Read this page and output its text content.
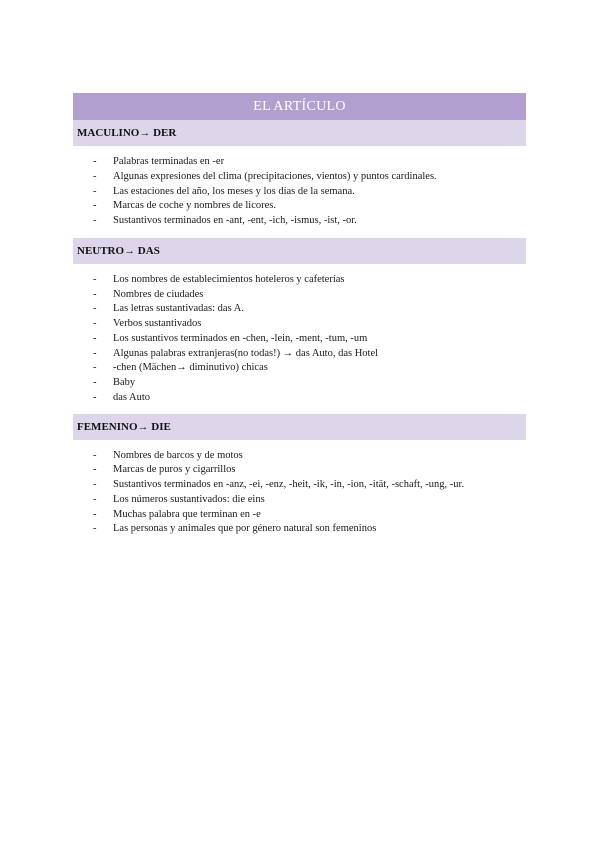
EL ARTÍCULO
MACULINO→ DER
- Palabras terminadas en -er
- Algunas expresiones del clima (precipitaciones, vientos) y puntos cardinales.
- Las estaciones del año, los meses y los días de la semana.
- Marcas de coche y nombres de licores.
- Sustantivos terminados en -ant, -ent, -ich, -ismus, -ist, -or.
NEUTRO→ DAS
- Los nombres de establecimientos hoteleros y cafeterías
- Nombres de ciudades
- Las letras sustantivadas: das A.
- Verbos sustantivados
- Los sustantivos terminados en -chen, -lein, -ment, -tum, -um
- Algunas palabras extranjeras(no todas!) → das Auto, das Hotel
- -chen (Mächen→ diminutivo) chicas
- Baby
- das Auto
FEMENINO→ DIE
- Nombres de barcos y de motos
- Marcas de puros y cigarrillos
- Sustantivos terminados en -anz, -ei, -enz, -heit, -ik, -in, -ion, -ität, -schaft, -ung, -ur.
- Los números sustantivados: die eins
- Muchas palabra que terminan en -e
- Las personas y animales que por género natural son femeninos
